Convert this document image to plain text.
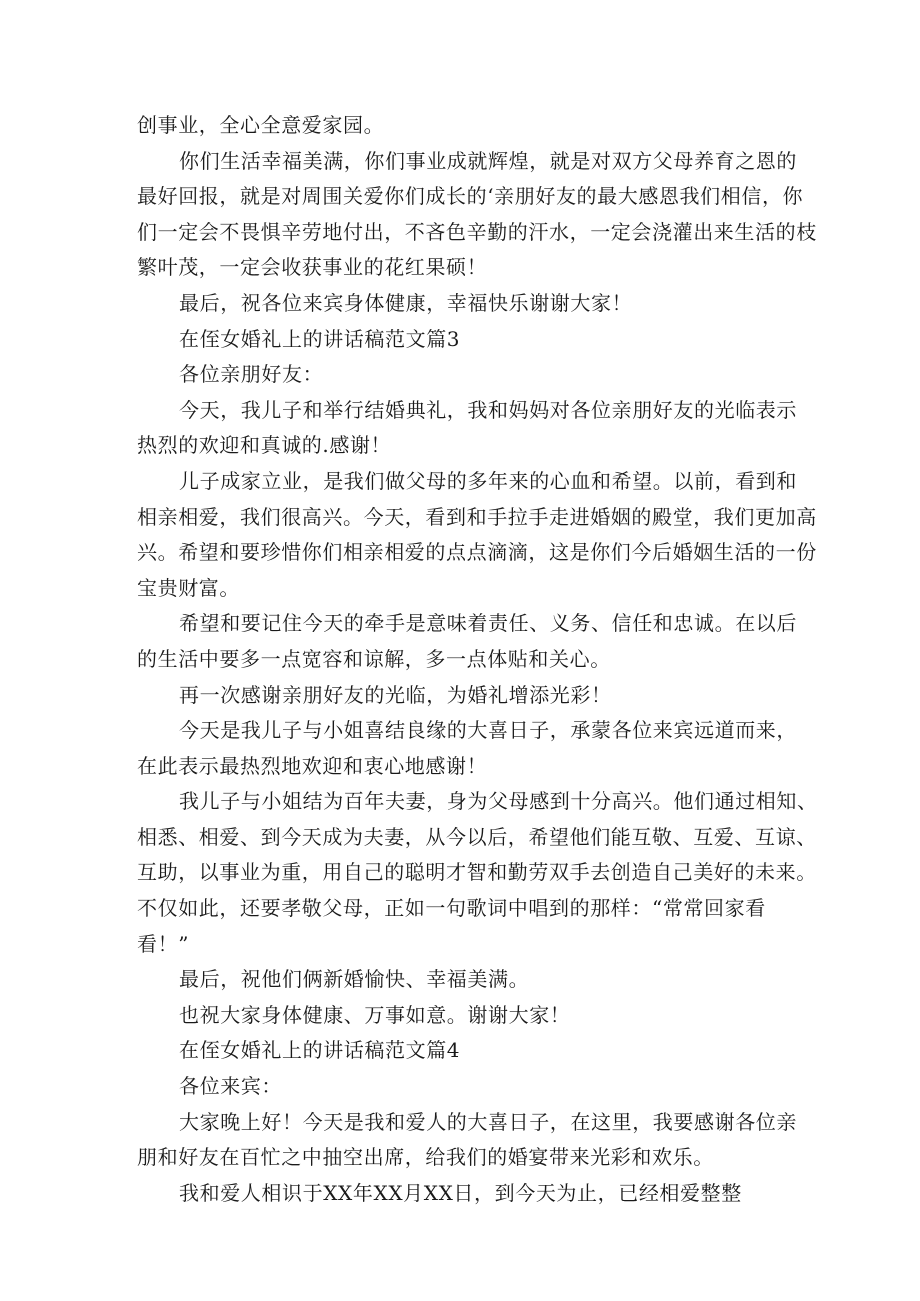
创事业，全心全意爱家园。
你们生活幸福美满，你们事业成就辉煌，就是对双方父母养育之恩的
最好回报，就是对周围关爱你们成长的‘亲朋好友的最大感恩我们相信，你
们一定会不畏惧辛劳地付出，不吝色辛勤的汗水，一定会浇灌出来生活的枝
繁叶茂，一定会收获事业的花红果硕！
最后，祝各位来宾身体健康，幸福快乐谢谢大家！
在侄女婚礼上的讲话稿范文篇3
各位亲朋好友：
今天，我儿子和举行结婚典礼，我和妈妈对各位亲朋好友的光临表示
热烈的欢迎和真诚的.感谢！
儿子成家立业，是我们做父母的多年来的心血和希望。以前，看到和
相亲相爱，我们很高兴。今天，看到和手拉手走进婚姻的殿堂，我们更加高
兴。希望和要珍惜你们相亲相爱的点点滴滴，这是你们今后婚姻生活的一份
宝贵财富。
希望和要记住今天的牵手是意味着责任、义务、信任和忠诚。在以后
的生活中要多一点宽容和谅解，多一点体贴和关心。
再一次感谢亲朋好友的光临，为婚礼增添光彩！
今天是我儿子与小姐喜结良缘的大喜日子，承蒙各位来宾远道而来，
在此表示最热烈地欢迎和衷心地感谢！
我儿子与小姐结为百年夫妻，身为父母感到十分高兴。他们通过相知、
相悉、相爱、到今天成为夫妻，从今以后，希望他们能互敬、互爱、互谅、
互助，以事业为重，用自己的聪明才智和勤劳双手去创造自己美好的未来。
不仅如此，还要孝敬父母，正如一句歌词中唱到的那样：“常常回家看
看！”
最后，祝他们俩新婚愉快、幸福美满。
也祝大家身体健康、万事如意。谢谢大家！
在侄女婚礼上的讲话稿范文篇4
各位来宾：
大家晚上好！今天是我和爱人的大喜日子，在这里，我要感谢各位亲
朋和好友在百忙之中抽空出席，给我们的婚宴带来光彩和欢乐。
我和爱人相识于XX年XX月XX日，到今天为止，已经相爱整整
